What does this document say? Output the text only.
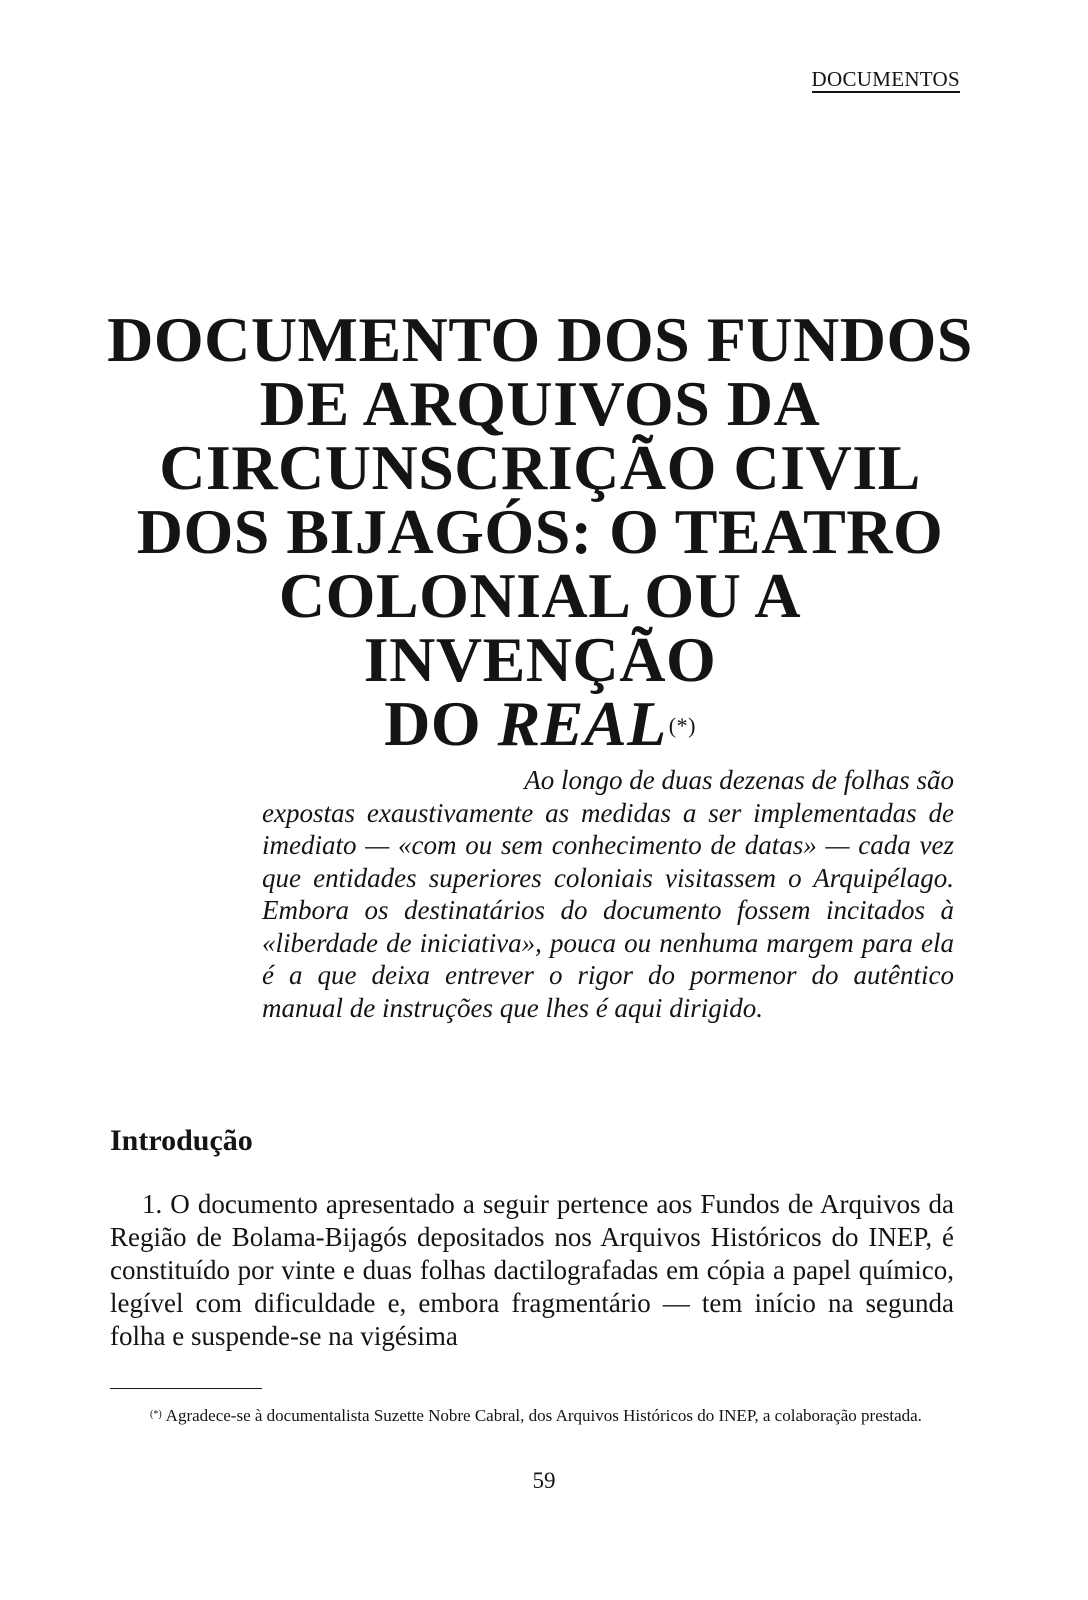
DOCUMENTOS
DOCUMENTO DOS FUNDOS
DE ARQUIVOS DA
CIRCUNSCRIÇÃO CIVIL
DOS BIJAGÓS: O TEATRO
COLONIAL OU A INVENÇÃO
DO REAL(*)
Ao longo de duas dezenas de folhas são
expostas exaustivamente as medidas a ser implementadas de imediato — «com ou sem conhecimento de datas» — cada vez que entidades superiores coloniais visitassem o Arquipélago. Embora os destinatários do documento fossem incitados à «liberdade de iniciativa», pouca ou nenhuma margem para ela é a que deixa entrever o rigor do pormenor do autêntico manual de instruções que lhes é aqui dirigido.
Introdução

1. O documento apresentado a seguir pertence aos Fundos de Arquivos da Região de Bolama-Bijagós depositados nos Arquivos Históricos do INEP, é constituído por vinte e duas folhas dactilografadas em cópia a papel químico, legível com dificuldade e, embora fragmentário — tem início na segunda folha e suspende-se na vigésima

(*) Agradece-se à documentalista Suzette Nobre Cabral, dos Arquivos Históricos do INEP, a colaboração prestada.

59
